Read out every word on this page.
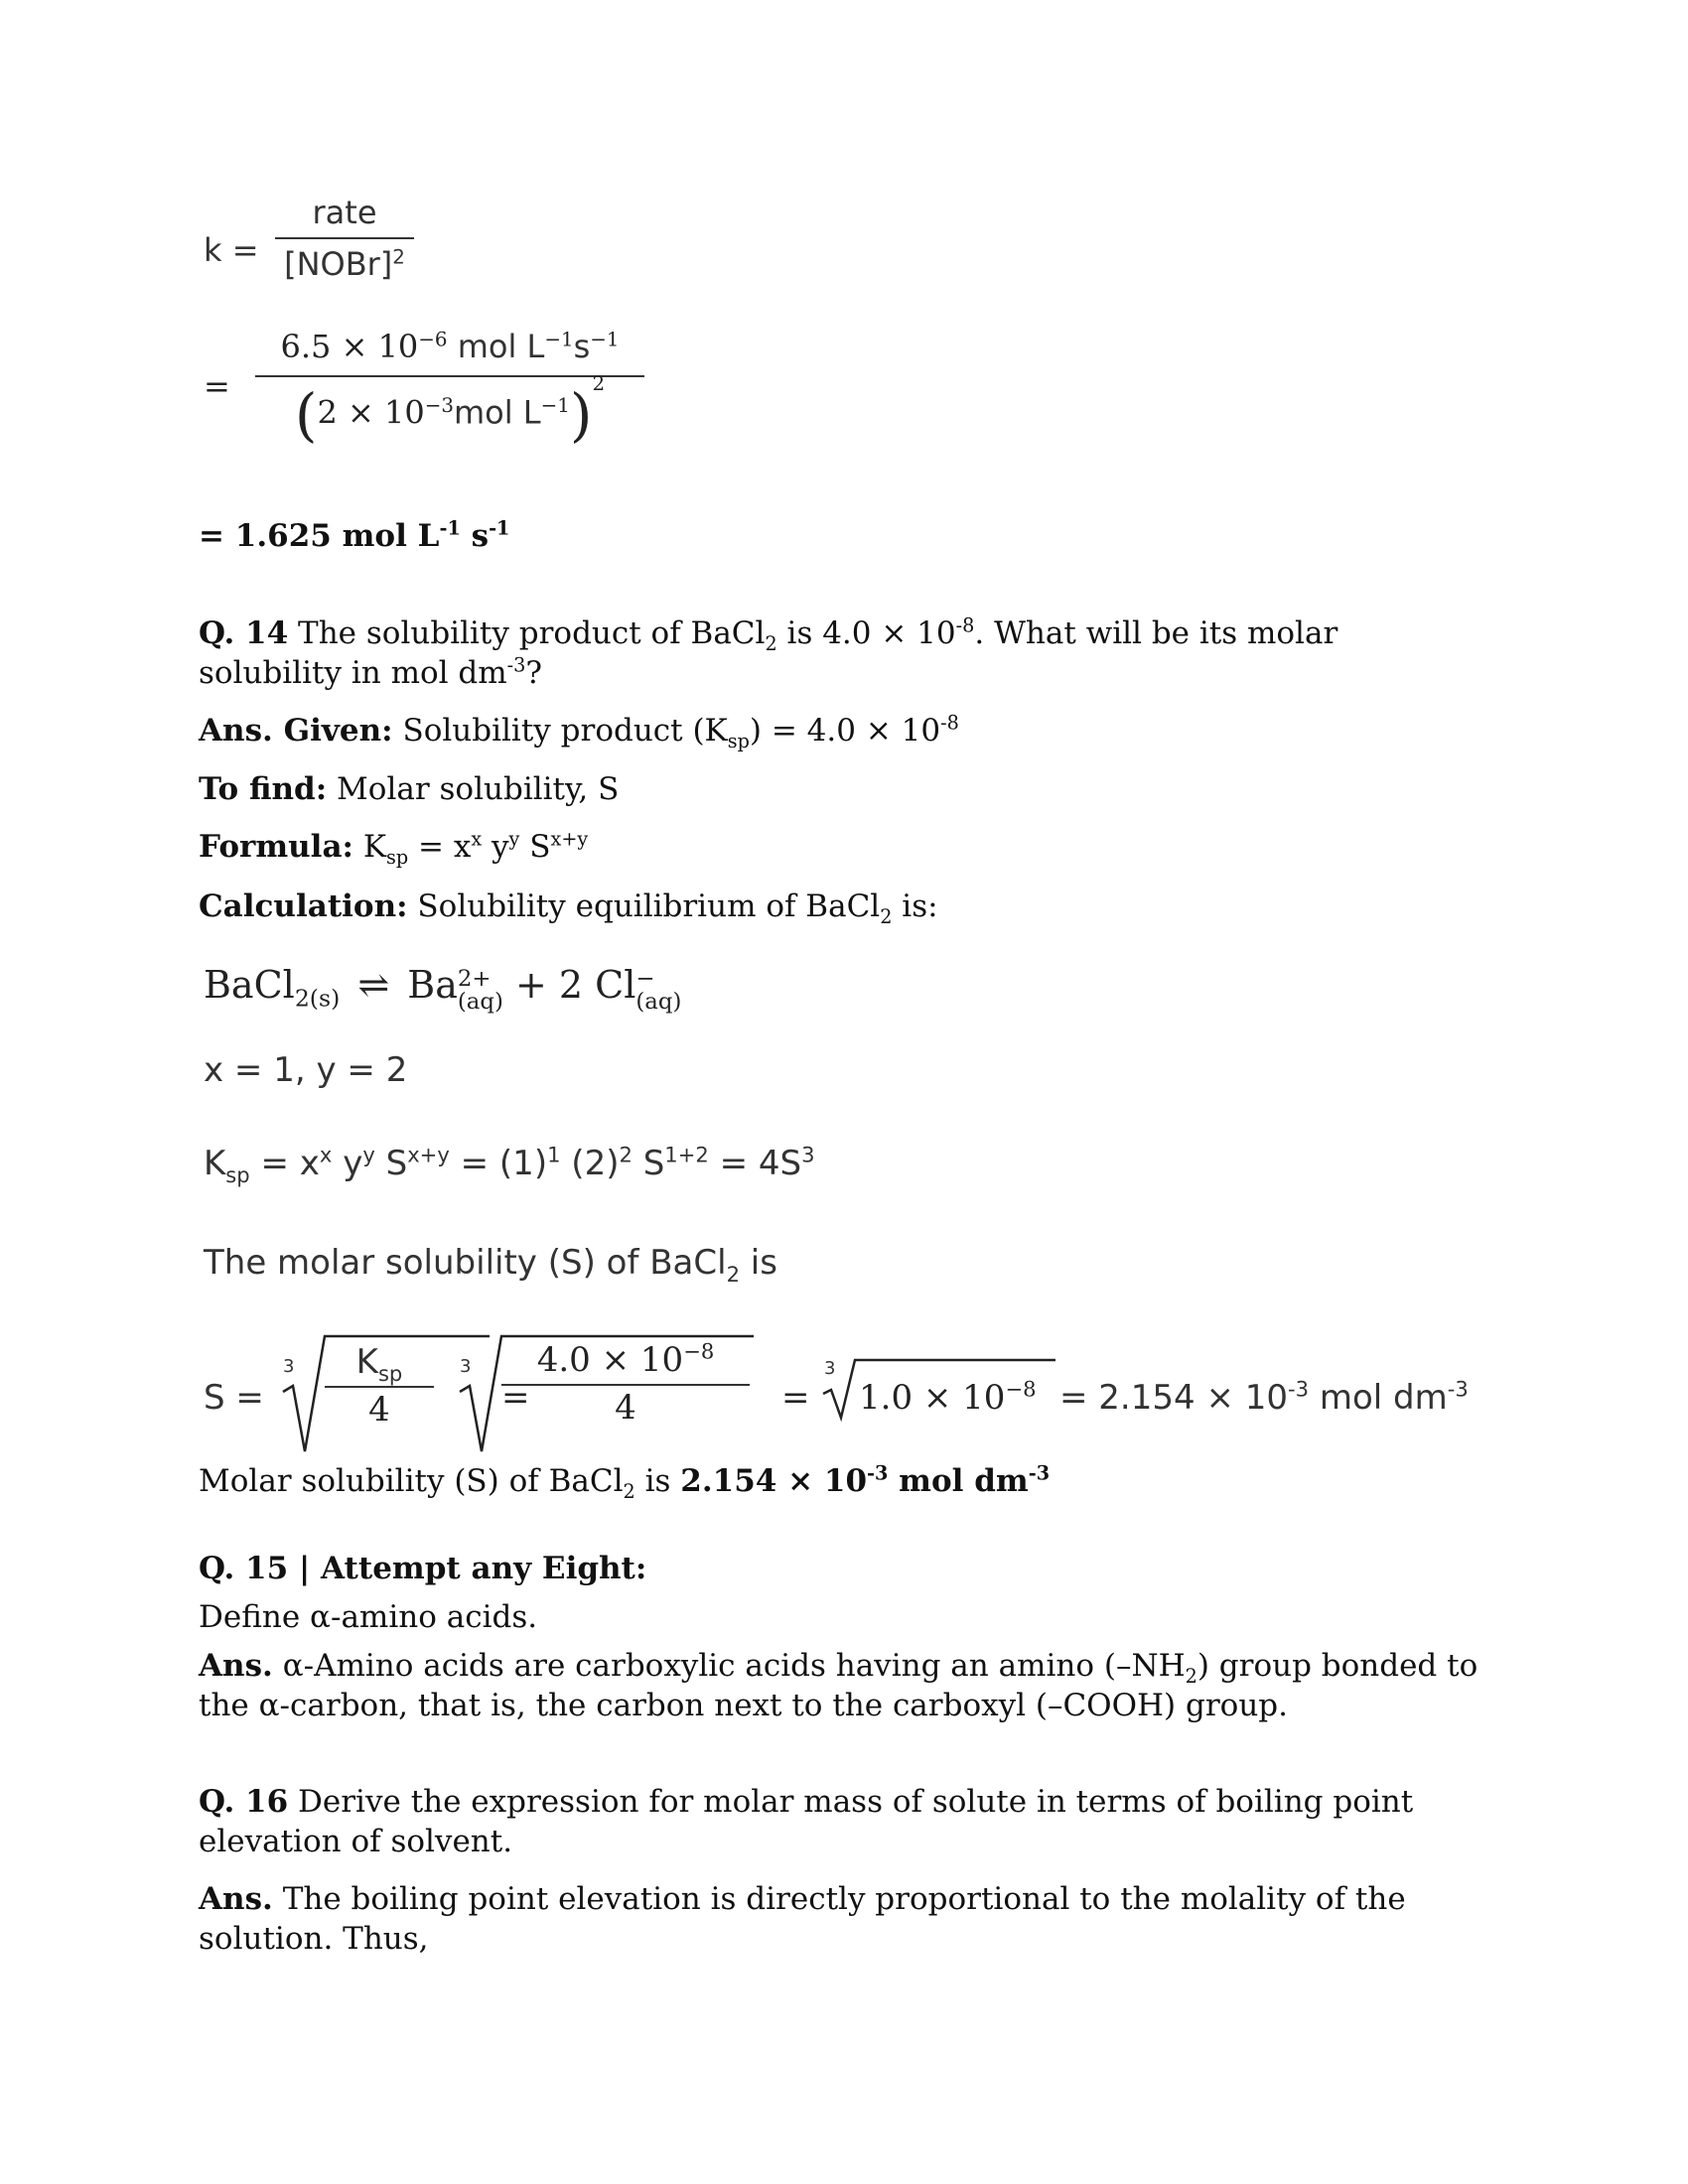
k =
rate
[NOBr]$^2$
=
$6.5 \times 10^{-6}$ mol $L^{-1}s^{-1}$
($2 \times 10^{-3}mol$ $L^{-1})^2$
= 1.625 mol $L^{-1}$ $s^{-1}$
Q. 14 The solubility product of BaCl$_2$ is $4.0 \times 10^{-8}$. What will be its molar solubility in mol $dm^{-3}$?
Ans. Given: Solubility product $(K_{sp}) = 4.0 \times 10^{-8}$
To find: Molar solubility, S
Formula: $K_{sp} = x^x$ $y^y$ $S^{x+y}$
Calculation: Solubility equilibrium of BaCl$_2$ is:
BaCl$_{2(s)}$ ⇌ Ba 2+
(aq) + 2 Cl −
(aq)
x = 1, y = 2
$K_{sp} = x^x$ $y^y$ $S^{x+y} = (1)^1$ $(2)^2$ $S^{1+2} = 4S^3$
The molar solubility (S) of BaCl$_2$ is
S =
3	$K_{sp}$
4	=
3	$4.0 \times 10^{-8}$
4	=
3
$1.0 \times 10^{-8} = 2.154 \times 10^{-3}$ mol $dm^{-3}$
Molar solubility (S) of BaCl$_2$ is $2.154 \times 10^{-3}$ mol $dm^{-3}$
Q. 15 | Attempt any Eight:
Define α-amino acids.
Ans. α-Amino acids are carboxylic acids having an amino $(-NH_2)$ group bonded to the α-carbon, that is, the carbon next to the carboxyl (–COOH) group.
Q. 16 Derive the expression for molar mass of solute in terms of boiling point elevation of solvent.
Ans. The boiling point elevation is directly proportional to the molality of the solution. Thus,
